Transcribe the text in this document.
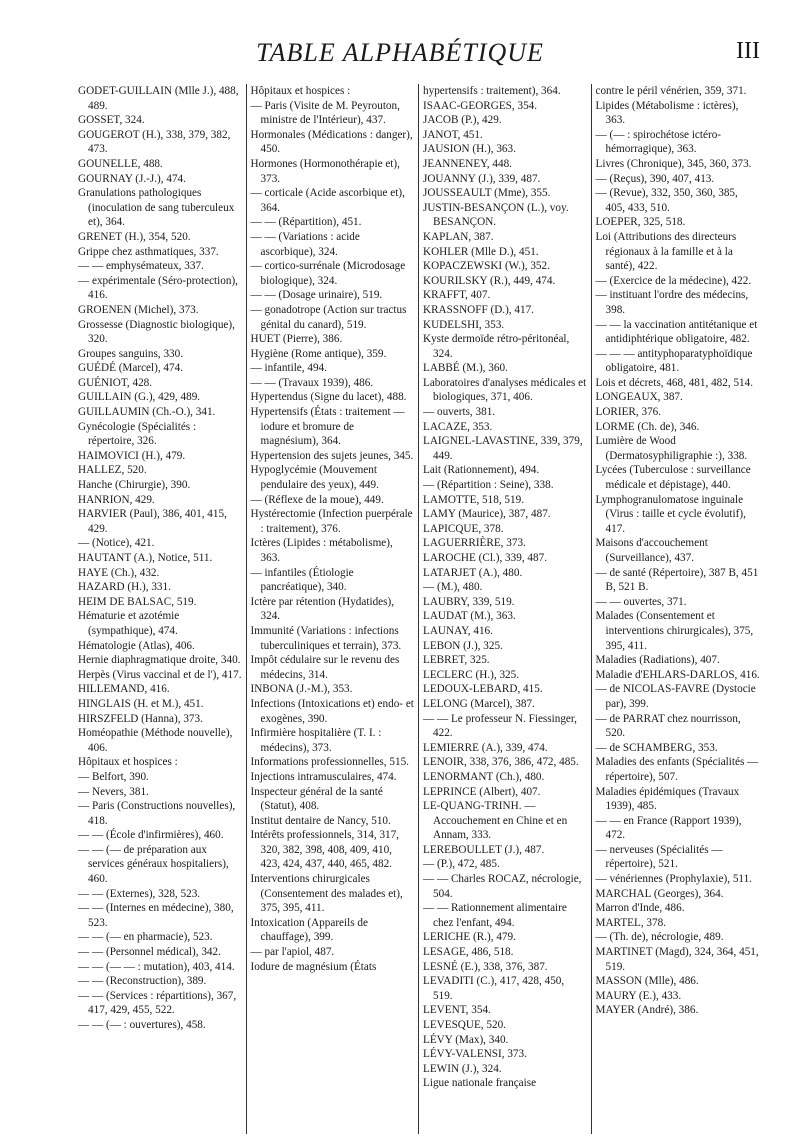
TABLE ALPHABÉTIQUE	III

GODET-GUILLAIN (Mlle J.), 488, 489.

GOSSET, 324.

GOUGEROT (H.), 338, 379, 382, 473.

GOUNELLE, 488.

GOURNAY (J.-J.), 474.

Granulations pathologiques (inoculation de sang tuberculeux et), 364.

GRENET (H.), 354, 520.

Grippe chez asthmatiques, 337.

— — emphysémateux, 337.

— expérimentale (Séro-protection), 416.

GROENEN (Michel), 373.

Grossesse (Diagnostic biologique), 320.

Groupes sanguins, 330.

GUÉDÉ (Marcel), 474.

GUÉNIOT, 428.

GUILLAIN (G.), 429, 489.

GUILLAUMIN (Ch.-O.), 341.

Gynécologie (Spécialités : répertoire, 326.

HAIMOVICI (H.), 479.

HALLEZ, 520.

Hanche (Chirurgie), 390.

HANRION, 429.

HARVIER (Paul), 386, 401, 415, 429.

— (Notice), 421.

HAUTANT (A.), Notice, 511.

HAYE (Ch.), 432.

HAZARD (H.), 331.

HEIM DE BALSAC, 519.

Hématurie et azotémie (sympathique), 474.

Hématologie (Atlas), 406.

Hernie diaphragmatique droite, 340.

Herpès (Virus vaccinal et de l'), 417.

HILLEMAND, 416.

HINGLAIS (H. et M.), 451.

HIRSZFELD (Hanna), 373.

Homéopathie (Méthode nouvelle), 406.

Hôpitaux et hospices :

— Belfort, 390.

— Nevers, 381.

— Paris (Constructions nouvelles), 418.

— — (École d'infirmières), 460.

— — (— de préparation aux services généraux hospitaliers), 460.

— — (Externes), 328, 523.

— — (Internes en médecine), 380, 523.

— — (— en pharmacie), 523.

— — (Personnel médical), 342.

— — (— — : mutation), 403, 414.

— — (Reconstruction), 389.

— — (Services : répartitions), 367, 417, 429, 455, 522.

— — (— : ouvertures), 458.

Hôpitaux et hospices :

— Paris (Visite de M. Peyrouton, ministre de l'Intérieur), 437.

Hormonales (Médications : danger), 450.

Hormones (Hormonothérapie et), 373.

— corticale (Acide ascorbique et), 364.

— — (Répartition), 451.

— — (Variations : acide ascorbique), 324.

— cortico-surrénale (Microdosage biologique), 324.

— — (Dosage urinaire), 519.

— gonadotrope (Action sur tractus génital du canard), 519.

HUET (Pierre), 386.

Hygiène (Rome antique), 359.

— infantile, 494.

— — (Travaux 1939), 486.

Hypertendus (Signe du lacet), 488.

Hypertensifs (États : traitement — iodure et bromure de magnésium), 364.

Hypertension des sujets jeunes, 345.

Hypoglycémie (Mouvement pendulaire des yeux), 449.

— (Réflexe de la moue), 449.

Hystérectomie (Infection puerpérale : traitement), 376.

Ictères (Lipides : métabolisme), 363.

— infantiles (Étiologie pancréatique), 340.

Ictère par rétention (Hydatides), 324.

Immunité (Variations : infections tuberculiniques et terrain), 373.

Impôt cédulaire sur le revenu des médecins, 314.

INBONA (J.-M.), 353.

Infections (Intoxications et) endo- et exogènes, 390.

Infirmière hospitalière (T. I. : médecins), 373.

Informations professionnelles, 515.

Injections intramusculaires, 474.

Inspecteur général de la santé (Statut), 408.

Institut dentaire de Nancy, 510.

Intérêts professionnels, 314, 317, 320, 382, 398, 408, 409, 410, 423, 424, 437, 440, 465, 482.

Interventions chirurgicales (Consentement des malades et), 375, 395, 411.

Intoxication (Appareils de chauffage), 399.

— par l'apiol, 487.

Iodure de magnésium (États

hypertensifs : traitement), 364.

ISAAC-GEORGES, 354.

JACOB (P.), 429.

JANOT, 451.

JAUSION (H.), 363.

JEANNENEY, 448.

JOUANNY (J.), 339, 487.

JOUSSEAULT (Mme), 355.

JUSTIN-BESANÇON (L.), voy. BESANÇON.

KAPLAN, 387.

KOHLER (Mlle D.), 451.

KOPACZEWSKI (W.), 352.

KOURILSKY (R.), 449, 474.

KRAFFT, 407.

KRASSNOFF (D.), 417.

KUDELSHI, 353.

Kyste dermoïde rétro-péritonéal, 324.

LABBÉ (M.), 360.

Laboratoires d'analyses médicales et biologiques, 371, 406.

— ouverts, 381.

LACAZE, 353.

LAIGNEL-LAVASTINE, 339, 379, 449.

Lait (Rationnement), 494.

— (Répartition : Seine), 338.

LAMOTTE, 518, 519.

LAMY (Maurice), 387, 487.

LAPICQUE, 378.

LAGUERRIÈRE, 373.

LAROCHE (Cl.), 339, 487.

LATARJET (A.), 480.

— (M.), 480.

LAUBRY, 339, 519.

LAUDAT (M.), 363.

LAUNAY, 416.

LEBON (J.), 325.

LEBRET, 325.

LECLERC (H.), 325.

LEDOUX-LEBARD, 415.

LELONG (Marcel), 387.

— — Le professeur N. Fiessinger, 422.

LEMIERRE (A.), 339, 474.

LENOIR, 338, 376, 386, 472, 485.

LENORMANT (Ch.), 480.

LEPRINCE (Albert), 407.

LE-QUANG-TRINH. — Accouchement en Chine et en Annam, 333.

LEREBOULLET (J.), 487.

— (P.), 472, 485.

— — Charles ROCAZ, nécrologie, 504.

— — Rationnement alimentaire chez l'enfant, 494.

LERICHE (R.), 479.

LESAGE, 486, 518.

LESNÉ (E.), 338, 376, 387.

LEVADITI (C.), 417, 428, 450, 519.

LEVENT, 354.

LEVESQUE, 520.

LÉVY (Max), 340.

LÉVY-VALENSI, 373.

LEWIN (J.), 324.

Ligue nationale française

contre le péril vénérien, 359, 371.

Lipides (Métabolisme : ictères), 363.

— (— : spirochétose ictéro-hémorragique), 363.

Livres (Chronique), 345, 360, 373.

— (Reçus), 390, 407, 413.

— (Revue), 332, 350, 360, 385, 405, 433, 510.

LOEPER, 325, 518.

Loi (Attributions des directeurs régionaux à la famille et à la santé), 422.

— (Exercice de la médecine), 422.

— instituant l'ordre des médecins, 398.

— — la vaccination antitétanique et antidiphtérique obligatoire, 482.

— — — antityphoparatyphoïdique obligatoire, 481.

Lois et décrets, 468, 481, 482, 514.

LONGEAUX, 387.

LORIER, 376.

LORME (Ch. de), 346.

Lumière de Wood (Dermatosyphiligraphie :), 338.

Lycées (Tuberculose : surveillance médicale et dépistage), 440.

Lymphogranulomatose inguinale (Virus : taille et cycle évolutif), 417.

Maisons d'accouchement (Surveillance), 437.

— de santé (Répertoire), 387 B, 451 B, 521 B.

— — ouvertes, 371.

Malades (Consentement et interventions chirurgicales), 375, 395, 411.

Maladies (Radiations), 407.

Maladie d'EHLARS-DARLOS, 416.

— de NICOLAS-FAVRE (Dystocie par), 399.

— de PARRAT chez nourrisson, 520.

— de SCHAMBERG, 353.

Maladies des enfants (Spécialités — répertoire), 507.

Maladies épidémiques (Travaux 1939), 485.

— — en France (Rapport 1939), 472.

— nerveuses (Spécialités — répertoire), 521.

— vénériennes (Prophylaxie), 511.

MARCHAL (Georges), 364.

Marron d'Inde, 486.

MARTEL, 378.

— (Th. de), nécrologie, 489.

MARTINET (Magd), 324, 364, 451, 519.

MASSON (Mlle), 486.

MAURY (E.), 433.

MAYER (André), 386.
